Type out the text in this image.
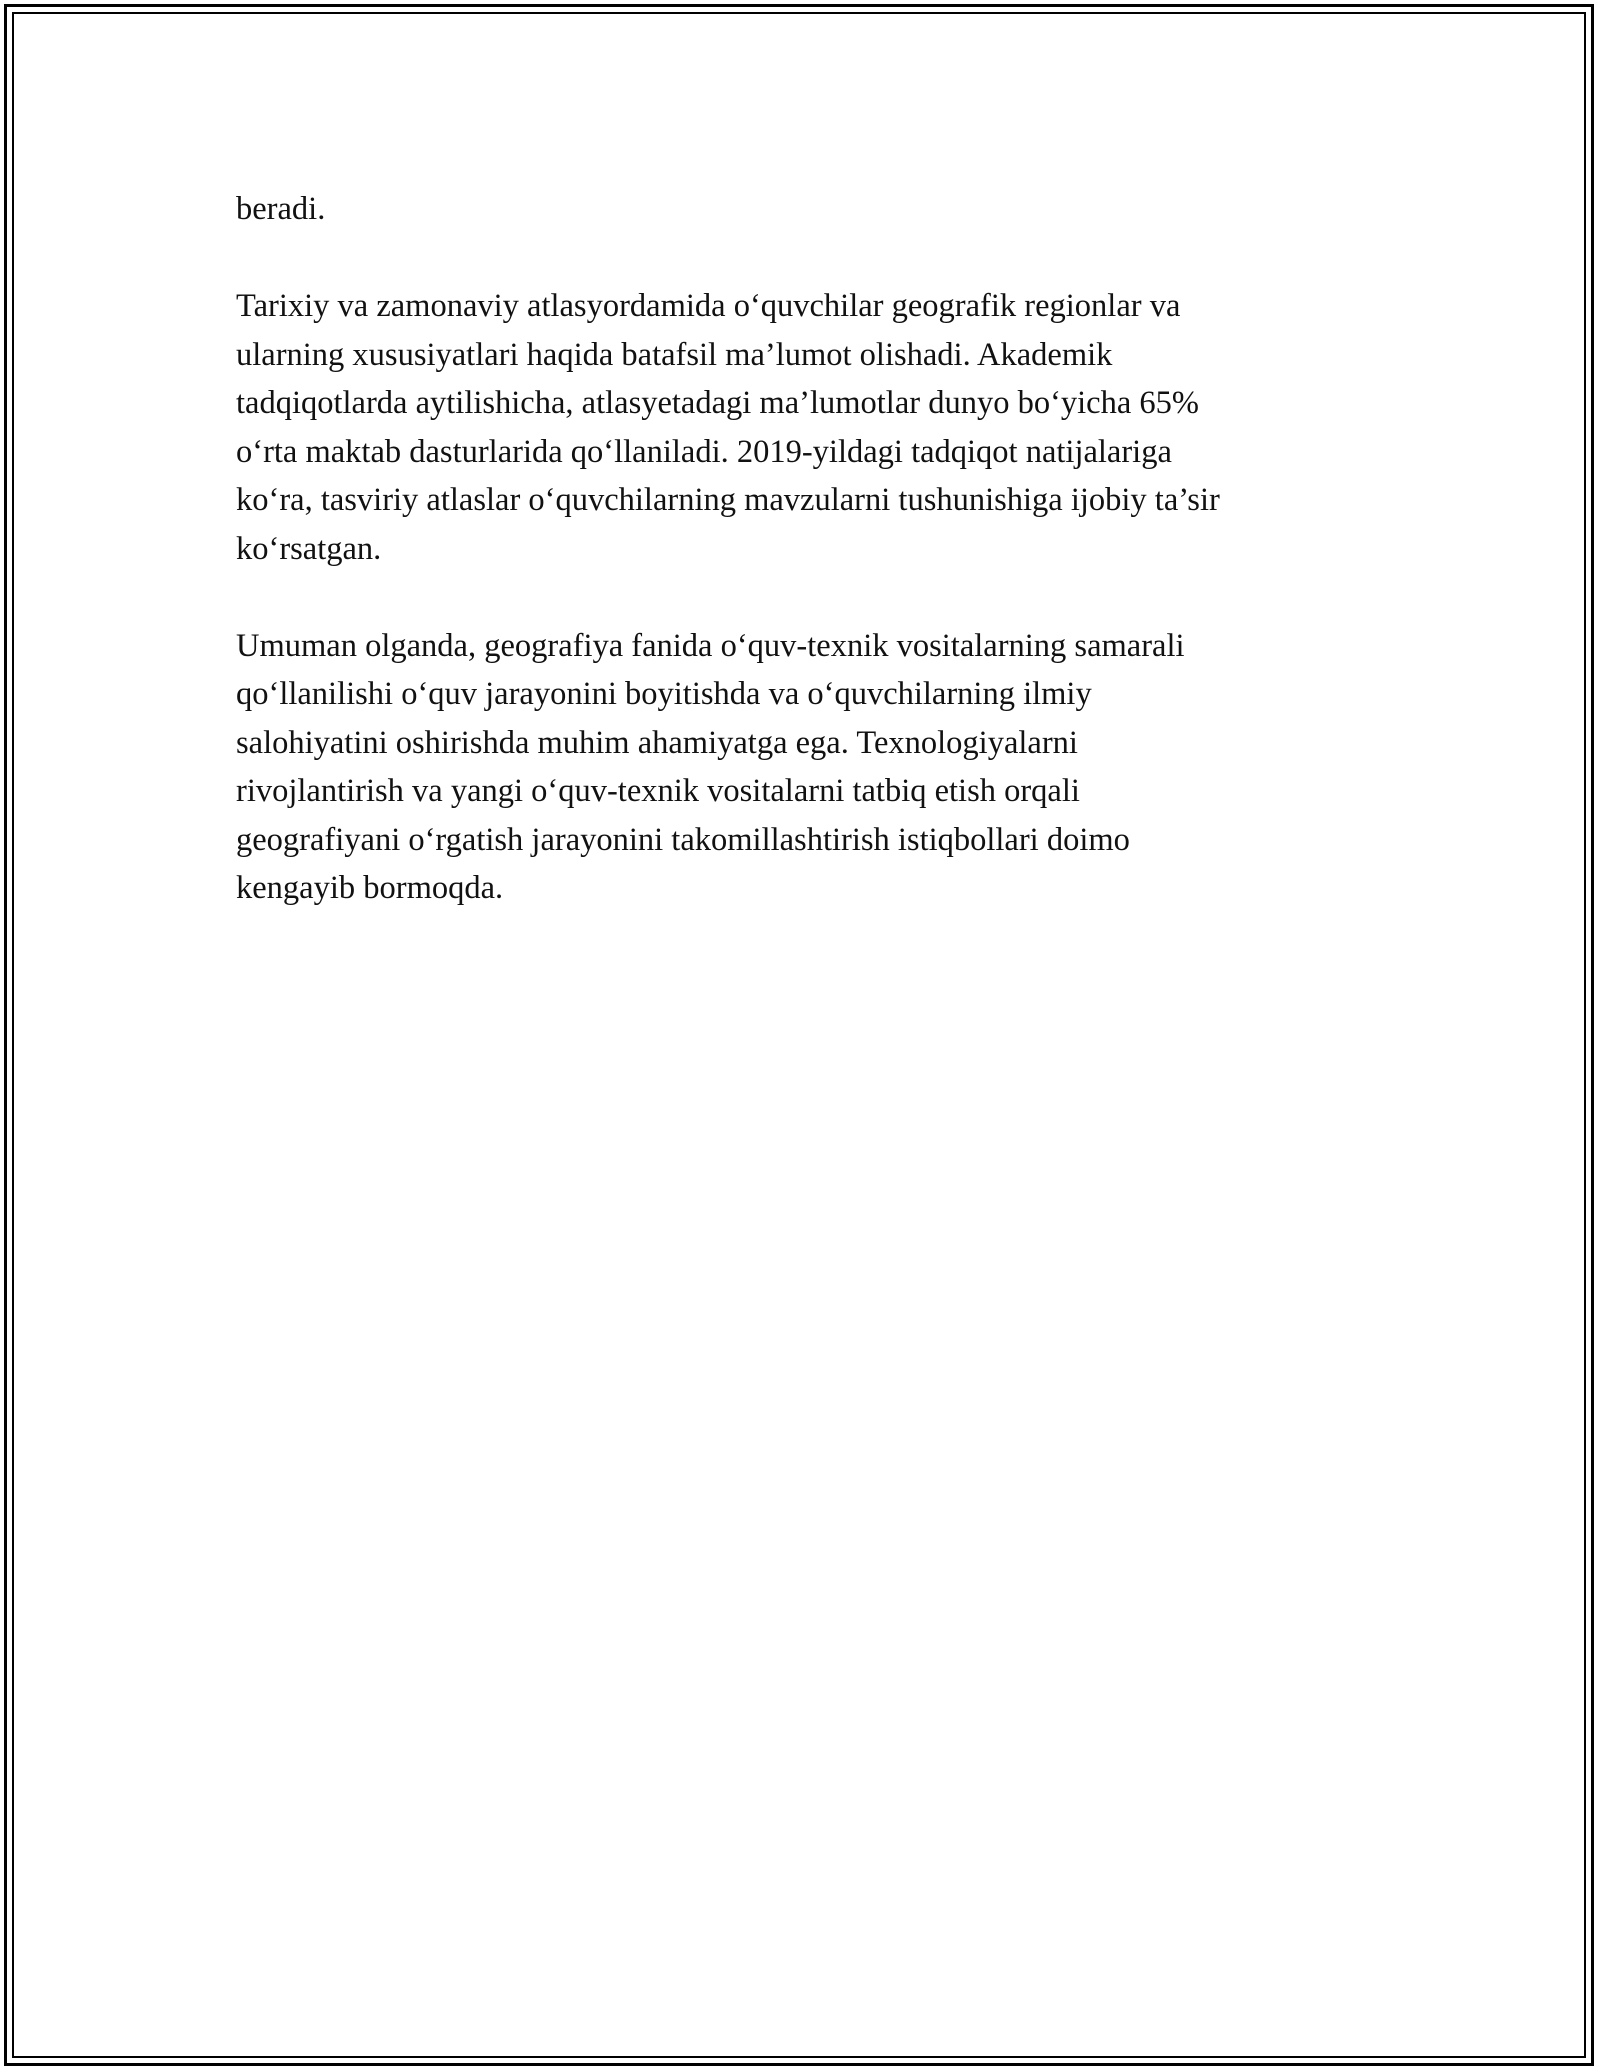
beradi.
Tarixiy va zamonaviy atlasyordamida o‘quvchilar geografik regionlar va
ularning xususiyatlari haqida batafsil ma’lumot olishadi. Akademik
tadqiqotlarda aytilishicha, atlasyetadagi ma’lumotlar dunyo bo‘yicha 65%
o‘rta maktab dasturlarida qo‘llaniladi. 2019-yildagi tadqiqot natijalariga
ko‘ra, tasviriy atlaslar o‘quvchilarning mavzularni tushunishiga ijobiy ta’sir
ko‘rsatgan.
Umuman olganda, geografiya fanida o‘quv-texnik vositalarning samarali
qo‘llanilishi o‘quv jarayonini boyitishda va o‘quvchilarning ilmiy
salohiyatini oshirishda muhim ahamiyatga ega. Texnologiyalarni
rivojlantirish va yangi o‘quv-texnik vositalarni tatbiq etish orqali
geografiyani o‘rgatish jarayonini takomillashtirish istiqbollari doimo
kengayib bormoqda.
